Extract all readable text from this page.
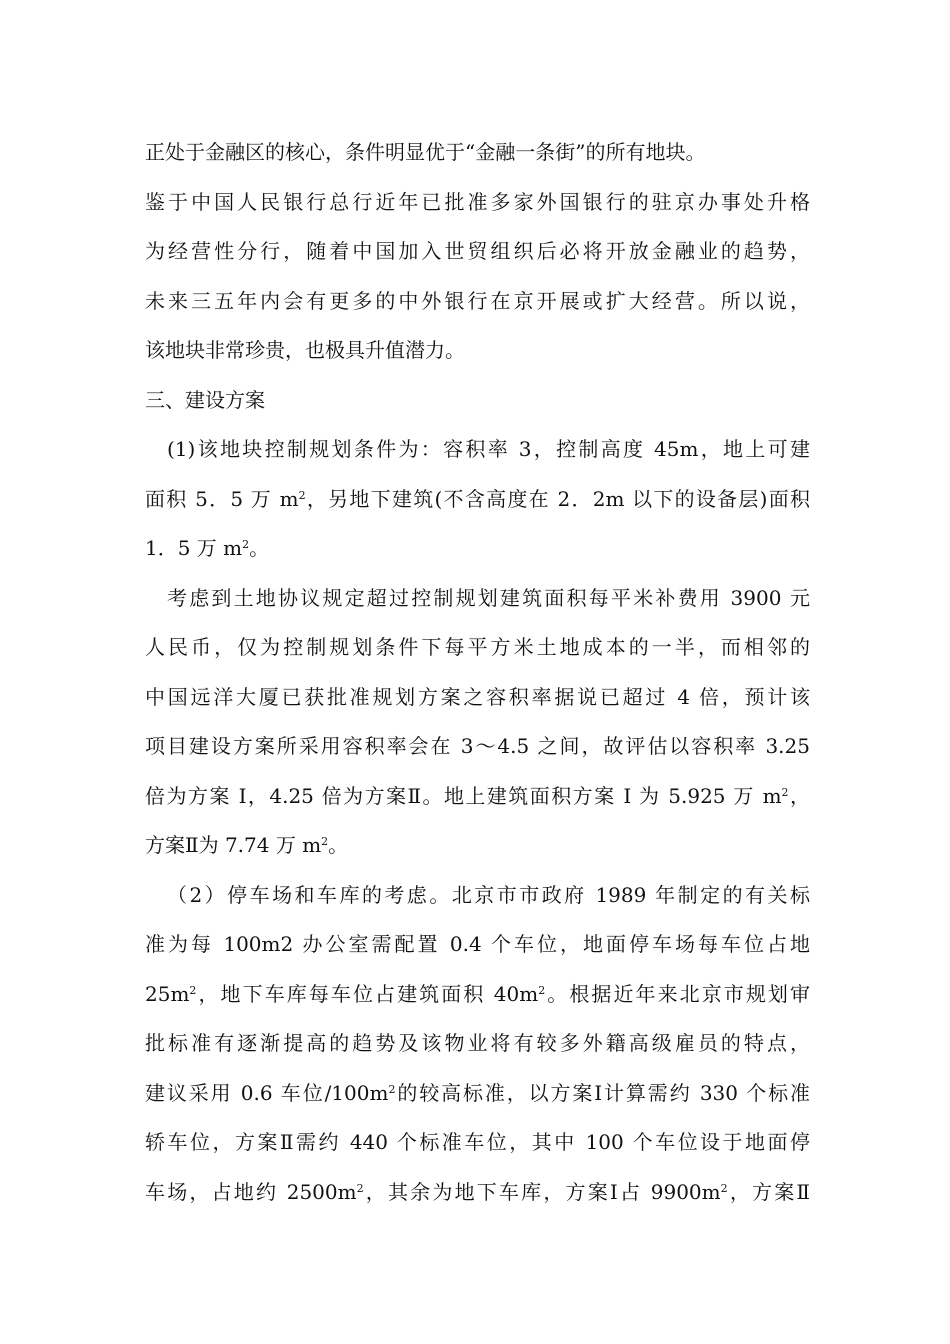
正处于金融区的核心，条件明显优于“金融一条街”的所有地块。
鉴于中国人民银行总行近年已批准多家外国银行的驻京办事处升格
为经营性分行，随着中国加入世贸组织后必将开放金融业的趋势，
未来三五年内会有更多的中外银行在京开展或扩大经营。所以说，
该地块非常珍贵，也极具升值潜力。
三、建设方案
(1)该地块控制规划条件为：容积率 3，控制高度 45m，地上可建
面积 5．5 万 $m^2$，另地下建筑(不含高度在 2．2m 以下的设备层)面积
1．5 万 $m^2$。
考虑到土地协议规定超过控制规划建筑面积每平米补费用 3900 元
人民币，仅为控制规划条件下每平方米土地成本的一半，而相邻的
中国远洋大厦已获批准规划方案之容积率据说已超过 4 倍，预计该
项目建设方案所采用容积率会在 3～4.5 之间，故评估以容积率 3.25
倍为方案 I，4.25 倍为方案Ⅱ。地上建筑面积方案 I 为 5.925 万 $m^2$，
方案Ⅱ为 7.74 万 $m^2$。
（2）停车场和车库的考虑。北京市市政府 1989 年制定的有关标
准为每 100m2 办公室需配置 0.4 个车位，地面停车场每车位占地
$25m^2$，地下车库每车位占建筑面积 $40m^2$。根据近年来北京市规划审
批标准有逐渐提高的趋势及该物业将有较多外籍高级雇员的特点，
建议采用 0.6 车位$/100m^2$的较高标准，以方案Ⅰ计算需约 330 个标准
轿车位，方案Ⅱ需约 440 个标准车位，其中 100 个车位设于地面停
车场，占地约 $2500m^2$，其余为地下车库，方案Ⅰ占 $9900m^2$，方案Ⅱ
